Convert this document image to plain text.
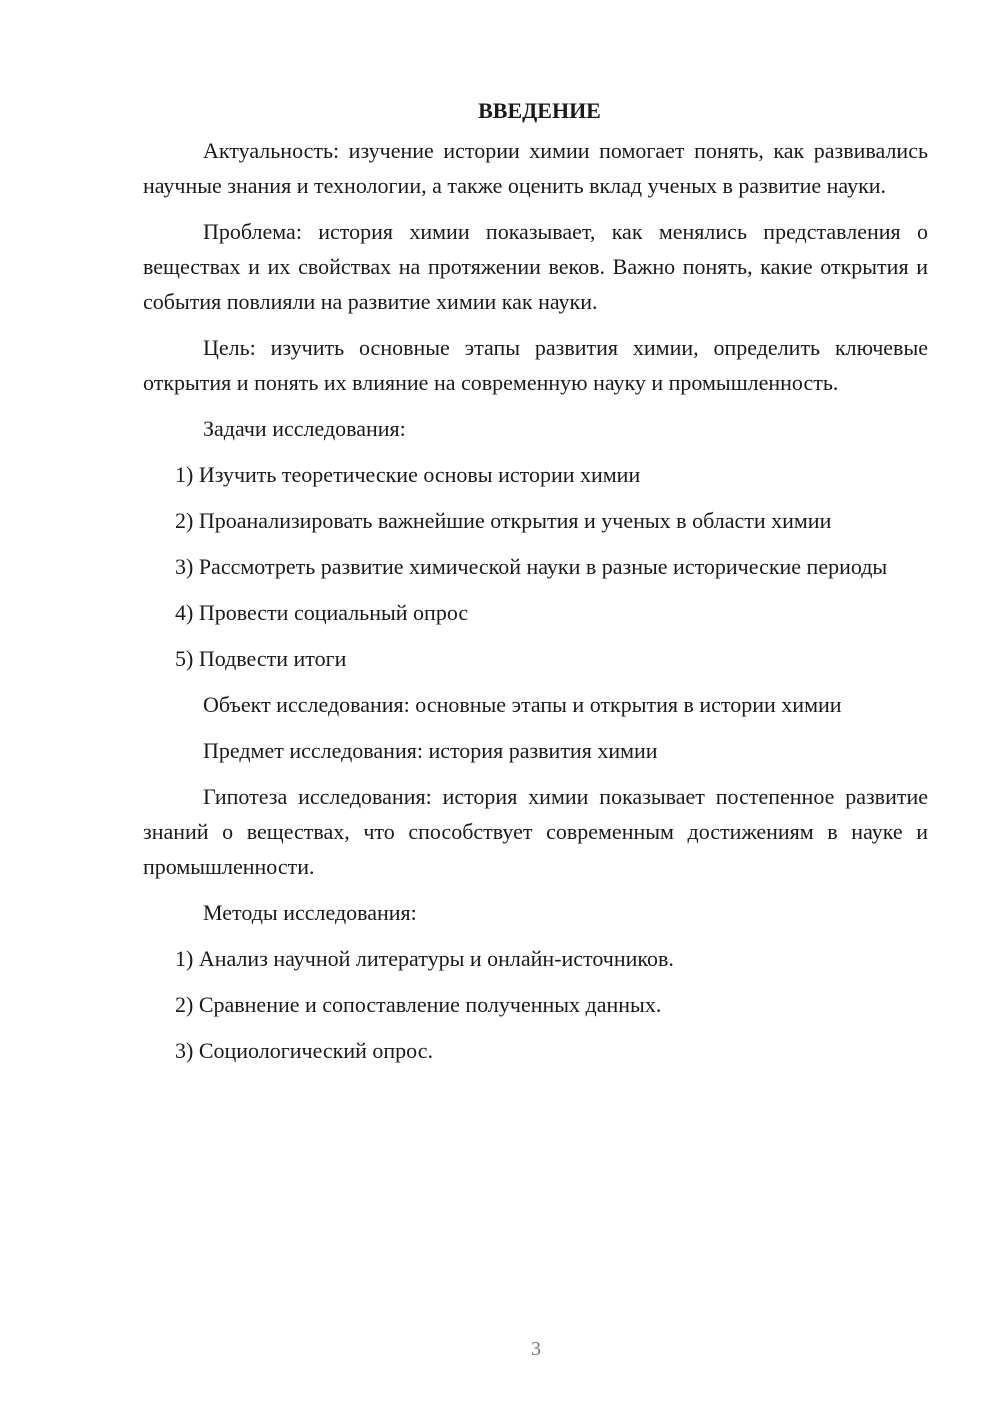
ВВЕДЕНИЕ

Актуальность: изучение истории химии помогает понять, как развивались научные знания и технологии, а также оценить вклад ученых в развитие науки.

Проблема: история химии показывает, как менялись представления о веществах и их свойствах на протяжении веков. Важно понять, какие открытия и события повлияли на развитие химии как науки.

Цель: изучить основные этапы развития химии, определить ключевые открытия и понять их влияние на современную науку и промышленность.

Задачи исследования:

1) Изучить теоретические основы истории химии

2) Проанализировать важнейшие открытия и ученых в области химии

3) Рассмотреть развитие химической науки в разные исторические периоды

4) Провести социальный опрос

5) Подвести итоги

Объект исследования: основные этапы и открытия в истории химии

Предмет исследования: история развития химии

Гипотеза исследования: история химии показывает постепенное развитие знаний о веществах, что способствует современным достижениям в науке и промышленности.

Методы исследования:

1) Анализ научной литературы и онлайн-источников.

2) Сравнение и сопоставление полученных данных.

3) Социологический опрос.

3
